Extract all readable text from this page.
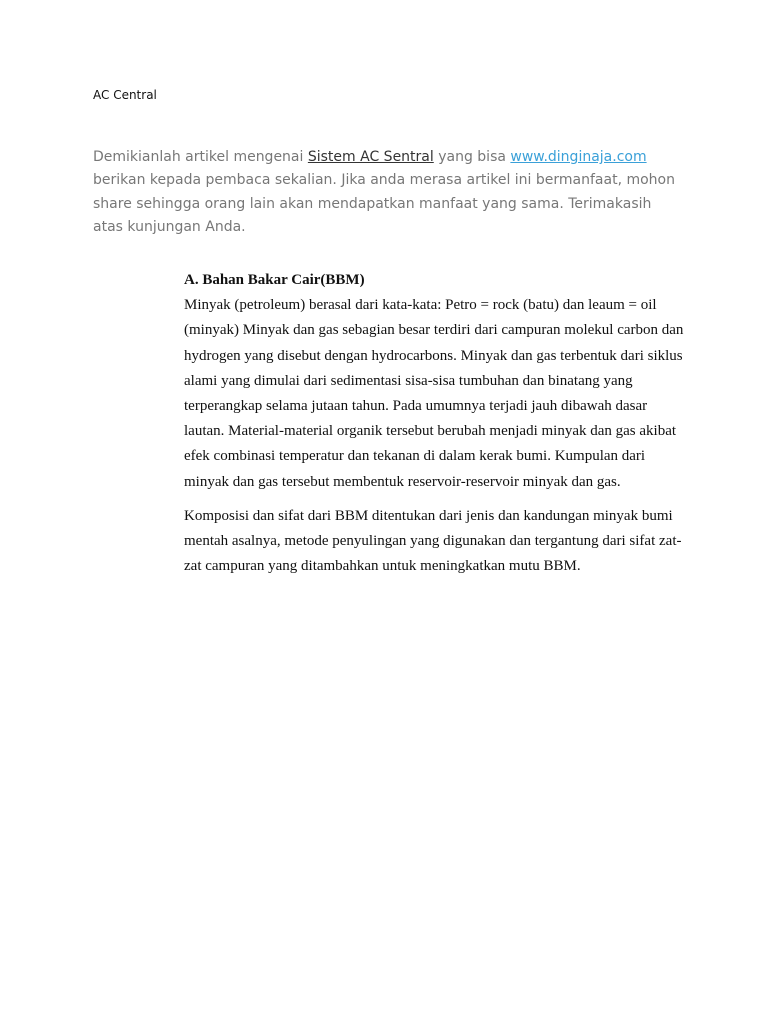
AC Central

Demikianlah artikel mengenai Sistem AC Sentral yang bisa www.dinginaja.com berikan kepada pembaca sekalian. Jika anda merasa artikel ini bermanfaat, mohon share sehingga orang lain akan mendapatkan manfaat yang sama. Terimakasih atas kunjungan Anda.

A. Bahan Bakar Cair(BBM)

Minyak (petroleum) berasal dari kata-kata: Petro = rock (batu) dan leaum = oil (minyak) Minyak dan gas sebagian besar terdiri dari campuran molekul carbon dan hydrogen yang disebut dengan hydrocarbons. Minyak dan gas terbentuk dari siklus alami yang dimulai dari sedimentasi sisa-sisa tumbuhan dan binatang yang terperangkap selama jutaan tahun. Pada umumnya terjadi jauh dibawah dasar lautan. Material-material organik tersebut berubah menjadi minyak dan gas akibat efek combinasi temperatur dan tekanan di dalam kerak bumi. Kumpulan dari minyak dan gas tersebut membentuk reservoir-reservoir minyak dan gas.

Komposisi dan sifat dari BBM ditentukan dari jenis dan kandungan minyak bumi mentah asalnya, metode penyulingan yang digunakan dan tergantung dari sifat zat-zat campuran yang ditambahkan untuk meningkatkan mutu BBM.
